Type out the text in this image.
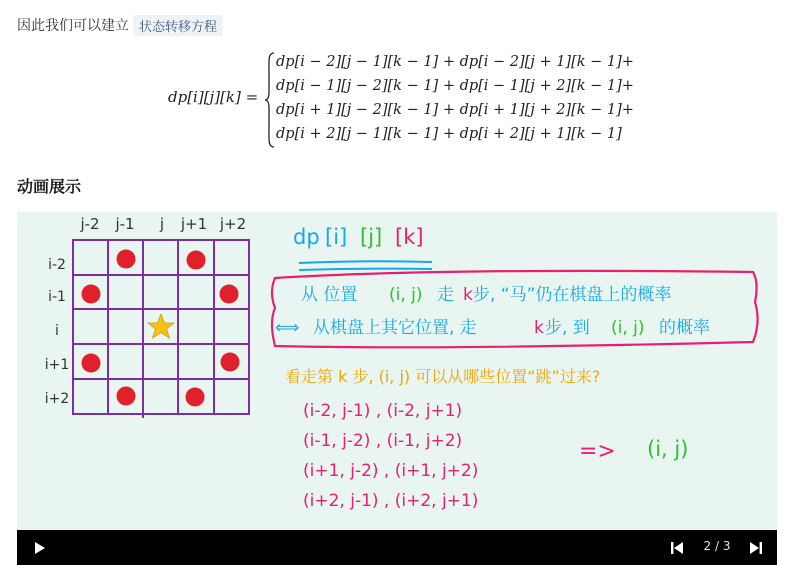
因此我们可以建立 状态转移方程
dp[i][j][k] =
dp[i − 2][j − 1][k − 1] + dp[i − 2][j + 1][k − 1]+
dp[i − 1][j − 2][k − 1] + dp[i − 1][j + 2][k − 1]+
dp[i + 1][j − 2][k − 1] + dp[i + 1][j + 2][k − 1]+
dp[i + 2][j − 1][k − 1] + dp[i + 2][j + 1][k − 1]
动画展示
j-2 j-1 j j+1 j+2
i-2
i-1
i
i+1
i+2
dp [i] [j] [k]
从 位置 (i, j) 走 k 步, “马”仍在棋盘上的概率
⟺ 从棋盘上其它位置, 走	k 步, 到 (i, j) 的概率
看走第 k 步, (i, j) 可以从哪些位置“跳”过来?
(i-2, j-1) , (i-2, j+1)
(i-1, j-2) , (i-1, j+2)
(i+1, j-2) , (i+1, j+2)
(i+2, j-1) , (i+2, j+1)
=> (i, j)
2 / 3
